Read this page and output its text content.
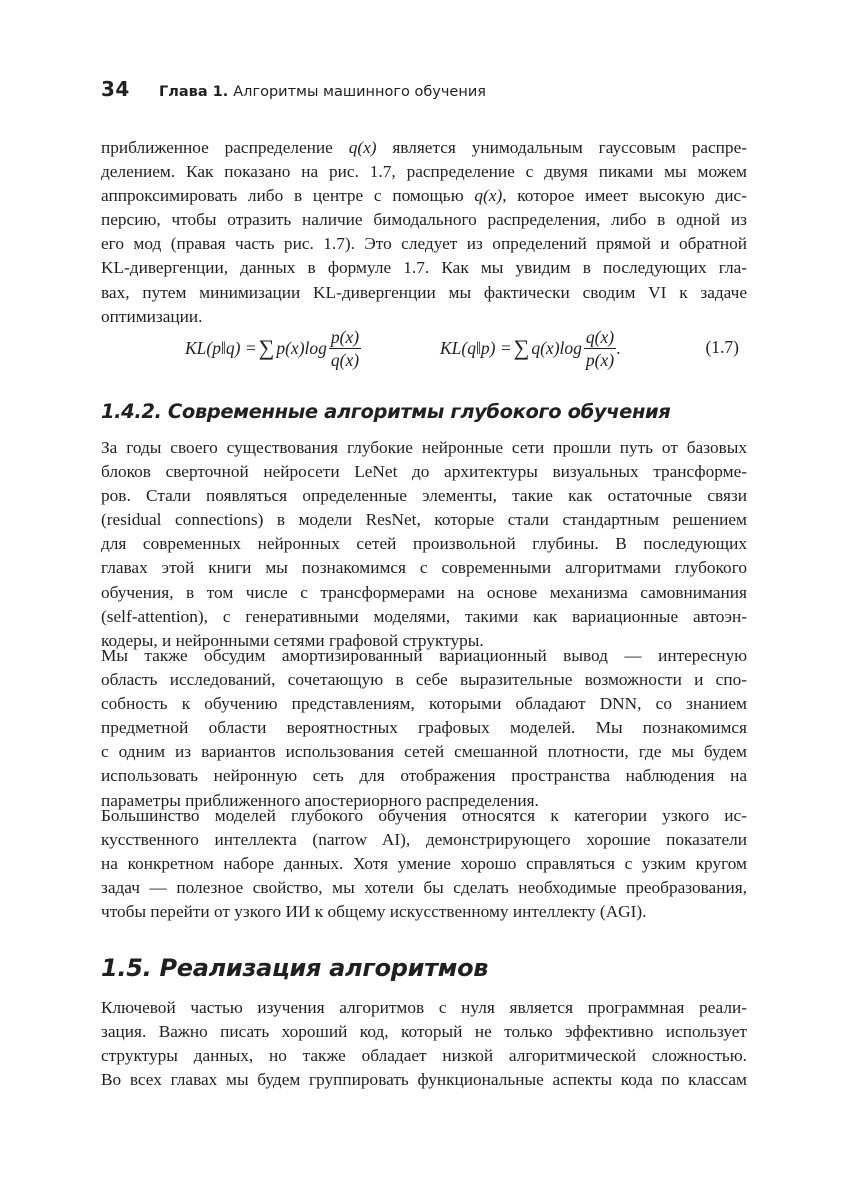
34	Глава 1. Алгоритмы машинного обучения
приближенное распределение q(x) является унимодальным гауссовым распре-
делением. Как показано на рис. 1.7, распределение с двумя пиками мы можем
аппроксимировать либо в центре с помощью q(x), которое имеет высокую дис-
персию, чтобы отразить наличие бимодального распределения, либо в одной из
его мод (правая часть рис. 1.7). Это следует из определений прямой и обратной
KL-дивергенции, данных в формуле 1.7. Как мы увидим в последующих гла-
вах, путем минимизации KL-дивергенции мы фактически сводим VI к задаче
оптимизации.
KL(p‖q) = ∑ $p(x)\log \frac{p(x)}{q(x)}$	KL(q‖p) = ∑ $q(x)\log \frac{q(x)}{p(x)}$ .	(1.7)
1.4.2. Современные алгоритмы глубокого обучения
За годы своего существования глубокие нейронные сети прошли путь от базовых
блоков сверточной нейросети LeNet до архитектуры визуальных трансформе-
ров. Стали появляться определенные элементы, такие как остаточные связи
(residual connections) в модели ResNet, которые стали стандартным решением
для современных нейронных сетей произвольной глубины. В последующих
главах этой книги мы познакомимся с современными алгоритмами глубокого
обучения, в том числе с трансформерами на основе механизма самовнимания
(self-attention), с генеративными моделями, такими как вариационные автоэн-
кодеры, и нейронными сетями графовой структуры.
Мы также обсудим амортизированный вариационный вывод — интересную
область исследований, сочетающую в себе выразительные возможности и спо-
собность к обучению представлениям, которыми обладают DNN, со знанием
предметной области вероятностных графовых моделей. Мы познакомимся
с одним из вариантов использования сетей смешанной плотности, где мы будем
использовать нейронную сеть для отображения пространства наблюдения на
параметры приближенного апостериорного распределения.
Большинство моделей глубокого обучения относятся к категории узкого ис-
кусственного интеллекта (narrow AI), демонстрирующего хорошие показатели
на конкретном наборе данных. Хотя умение хорошо справляться с узким кругом
задач — полезное свойство, мы хотели бы сделать необходимые преобразования,
чтобы перейти от узкого ИИ к общему искусственному интеллекту (AGI).
1.5. Реализация алгоритмов
Ключевой частью изучения алгоритмов с нуля является программная реали-
зация. Важно писать хороший код, который не только эффективно использует
структуры данных, но также обладает низкой алгоритмической сложностью.
Во всех главах мы будем группировать функциональные аспекты кода по классам
